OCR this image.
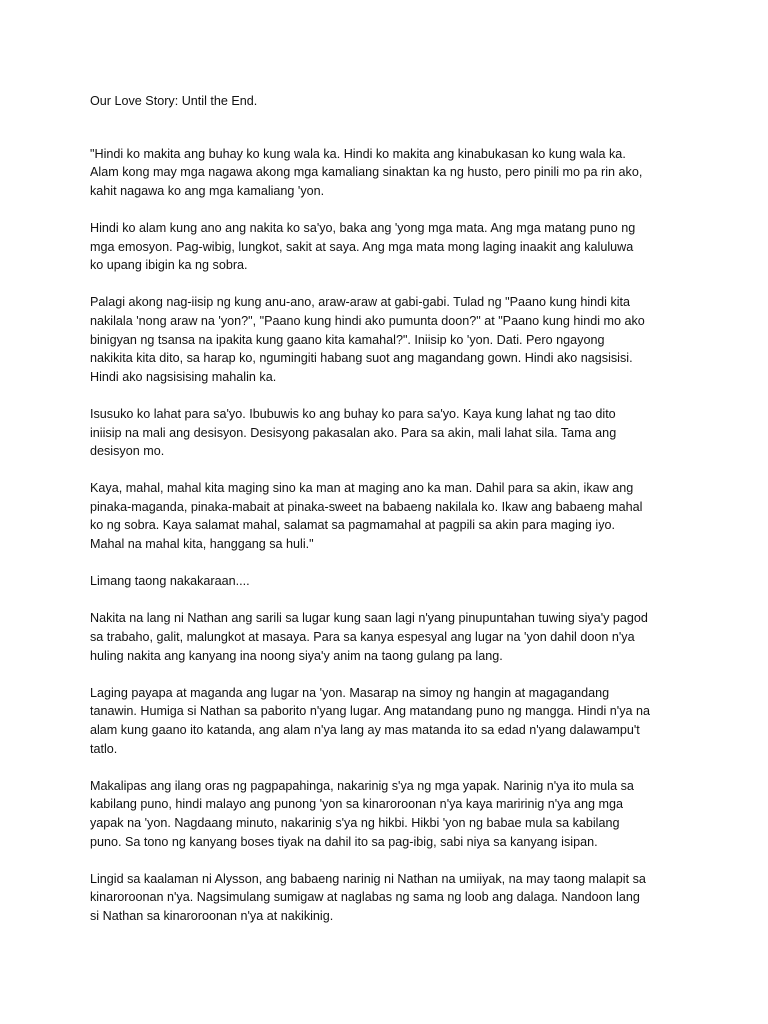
Our Love Story: Until the End.

"Hindi ko makita ang buhay ko kung wala ka. Hindi ko makita ang kinabukasan ko kung wala ka. Alam kong may mga nagawa akong mga kamaliang sinaktan ka ng husto, pero pinili mo pa rin ako, kahit nagawa ko ang mga kamaliang 'yon.

Hindi ko alam kung ano ang nakita ko sa'yo, baka ang 'yong mga mata. Ang mga matang puno ng mga emosyon. Pag-wibig, lungkot, sakit at saya. Ang mga mata mong laging inaakit ang kaluluwa ko upang ibigin ka ng sobra.

Palagi akong nag-iisip ng kung anu-ano, araw-araw at gabi-gabi. Tulad ng "Paano kung hindi kita nakilala 'nong araw na 'yon?", "Paano kung hindi ako pumunta doon?" at "Paano kung hindi mo ako binigyan ng tsansa na ipakita kung gaano kita kamahal?". Iniisip ko 'yon. Dati. Pero ngayong nakikita kita dito, sa harap ko, ngumingiti habang suot ang magandang gown. Hindi ako nagsisisi. Hindi ako nagsisising mahalin ka.

Isusuko ko lahat para sa'yo. Ibubuwis ko ang buhay ko para sa'yo. Kaya kung lahat ng tao dito iniisip na mali ang desisyon. Desisyong pakasalan ako. Para sa akin, mali lahat sila. Tama ang desisyon mo.

Kaya, mahal, mahal kita maging sino ka man at maging ano ka man. Dahil para sa akin, ikaw ang pinaka-maganda, pinaka-mabait at pinaka-sweet na babaeng nakilala ko. Ikaw ang babaeng mahal ko ng sobra. Kaya salamat mahal, salamat sa pagmamahal at pagpili sa akin para maging iyo. Mahal na mahal kita, hanggang sa huli."

Limang taong nakakaraan....

Nakita na lang ni Nathan ang sarili sa lugar kung saan lagi n'yang pinupuntahan tuwing siya'y pagod sa trabaho, galit, malungkot at masaya. Para sa kanya espesyal ang lugar na 'yon dahil doon n'ya huling nakita ang kanyang ina noong siya'y anim na taong gulang pa lang.

Laging payapa at maganda ang lugar na 'yon. Masarap na simoy ng hangin at magagandang tanawin. Humiga si Nathan sa paborito n'yang lugar. Ang matandang puno ng mangga. Hindi n'ya na alam kung gaano ito katanda, ang alam n'ya lang ay mas matanda ito sa edad n'yang dalawampu't tatlo.

Makalipas ang ilang oras ng pagpapahinga, nakarinig s'ya ng mga yapak. Narinig n'ya ito mula sa kabilang puno, hindi malayo ang punong 'yon sa kinaroroonan n'ya kaya maririnig n'ya ang mga yapak na 'yon. Nagdaang minuto, nakarinig s'ya ng hikbi. Hikbi 'yon ng babae mula sa kabilang puno. Sa tono ng kanyang boses tiyak na dahil ito sa pag-ibig, sabi niya sa kanyang isipan.

Lingid sa kaalaman ni Alysson, ang babaeng narinig ni Nathan na umiiyak, na may taong malapit sa kinaroroonan n'ya. Nagsimulang sumigaw at naglabas ng sama ng loob ang dalaga. Nandoon lang si Nathan sa kinaroroonan n'ya at nakikinig.
